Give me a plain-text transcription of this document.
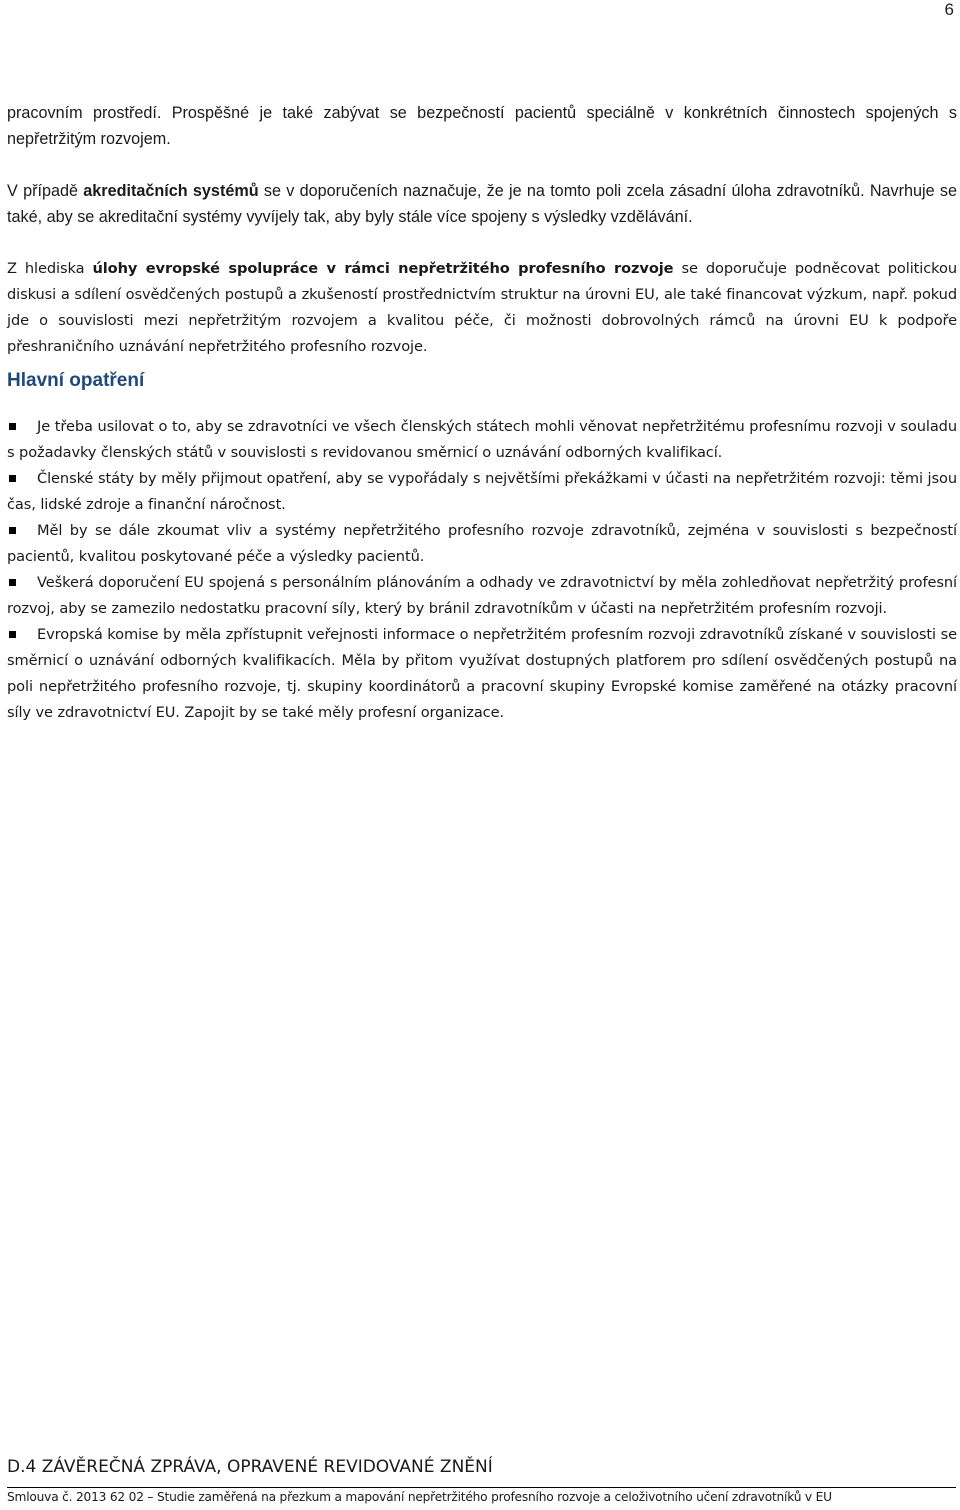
6

pracovním prostředí. Prospěšné je také zabývat se bezpečností pacientů speciálně v konkrétních činnostech spojených s nepřetržitým rozvojem.

V případě akreditačních systémů se v doporučeních naznačuje, že je na tomto poli zcela zásadní úloha zdravotníků. Navrhuje se také, aby se akreditační systémy vyvíjely tak, aby byly stále více spojeny s výsledky vzdělávání.

Z hlediska úlohy evropské spolupráce v rámci nepřetržitého profesního rozvoje se doporučuje podněcovat politickou diskusi a sdílení osvědčených postupů a zkušeností prostřednictvím struktur na úrovni EU, ale také financovat výzkum, např. pokud jde o souvislosti mezi nepřetržitým rozvojem a kvalitou péče, či možnosti dobrovolných rámců na úrovni EU k podpoře přeshraničního uznávání nepřetržitého profesního rozvoje.

Hlavní opatření
Je třeba usilovat o to, aby se zdravotníci ve všech členských státech mohli věnovat nepřetržitému profesnímu rozvoji v souladu s požadavky členských států v souvislosti s revidovanou směrnicí o uznávání odborných kvalifikací.
Členské státy by měly přijmout opatření, aby se vypořádaly s největšími překážkami v účasti na nepřetržitém rozvoji: těmi jsou čas, lidské zdroje a finanční náročnost.
Měl by se dále zkoumat vliv a systémy nepřetržitého profesního rozvoje zdravotníků, zejména v souvislosti s bezpečností pacientů, kvalitou poskytované péče a výsledky pacientů.
Veškerá doporučení EU spojená s personálním plánováním a odhady ve zdravotnictví by měla zohledňovat nepřetržitý profesní rozvoj, aby se zamezilo nedostatku pracovní síly, který by bránil zdravotníkům v účasti na nepřetržitém profesním rozvoji.
Evropská komise by měla zpřístupnit veřejnosti informace o nepřetržitém profesním rozvoji zdravotníků získané v souvislosti se směrnicí o uznávání odborných kvalifikacích. Měla by přitom využívat dostupných platforem pro sdílení osvědčených postupů na poli nepřetržitého profesního rozvoje, tj. skupiny koordinátorů a pracovní skupiny Evropské komise zaměřené na otázky pracovní síly ve zdravotnictví EU. Zapojit by se také měly profesní organizace.
D.4 ZÁVĚREČNÁ ZPRÁVA, OPRAVENÉ REVIDOVANÉ ZNĚNÍ
Smlouva č. 2013 62 02 – Studie zaměřená na přezkum a mapování nepřetržitého profesního rozvoje a celoživotního učení zdravotníků v EU
